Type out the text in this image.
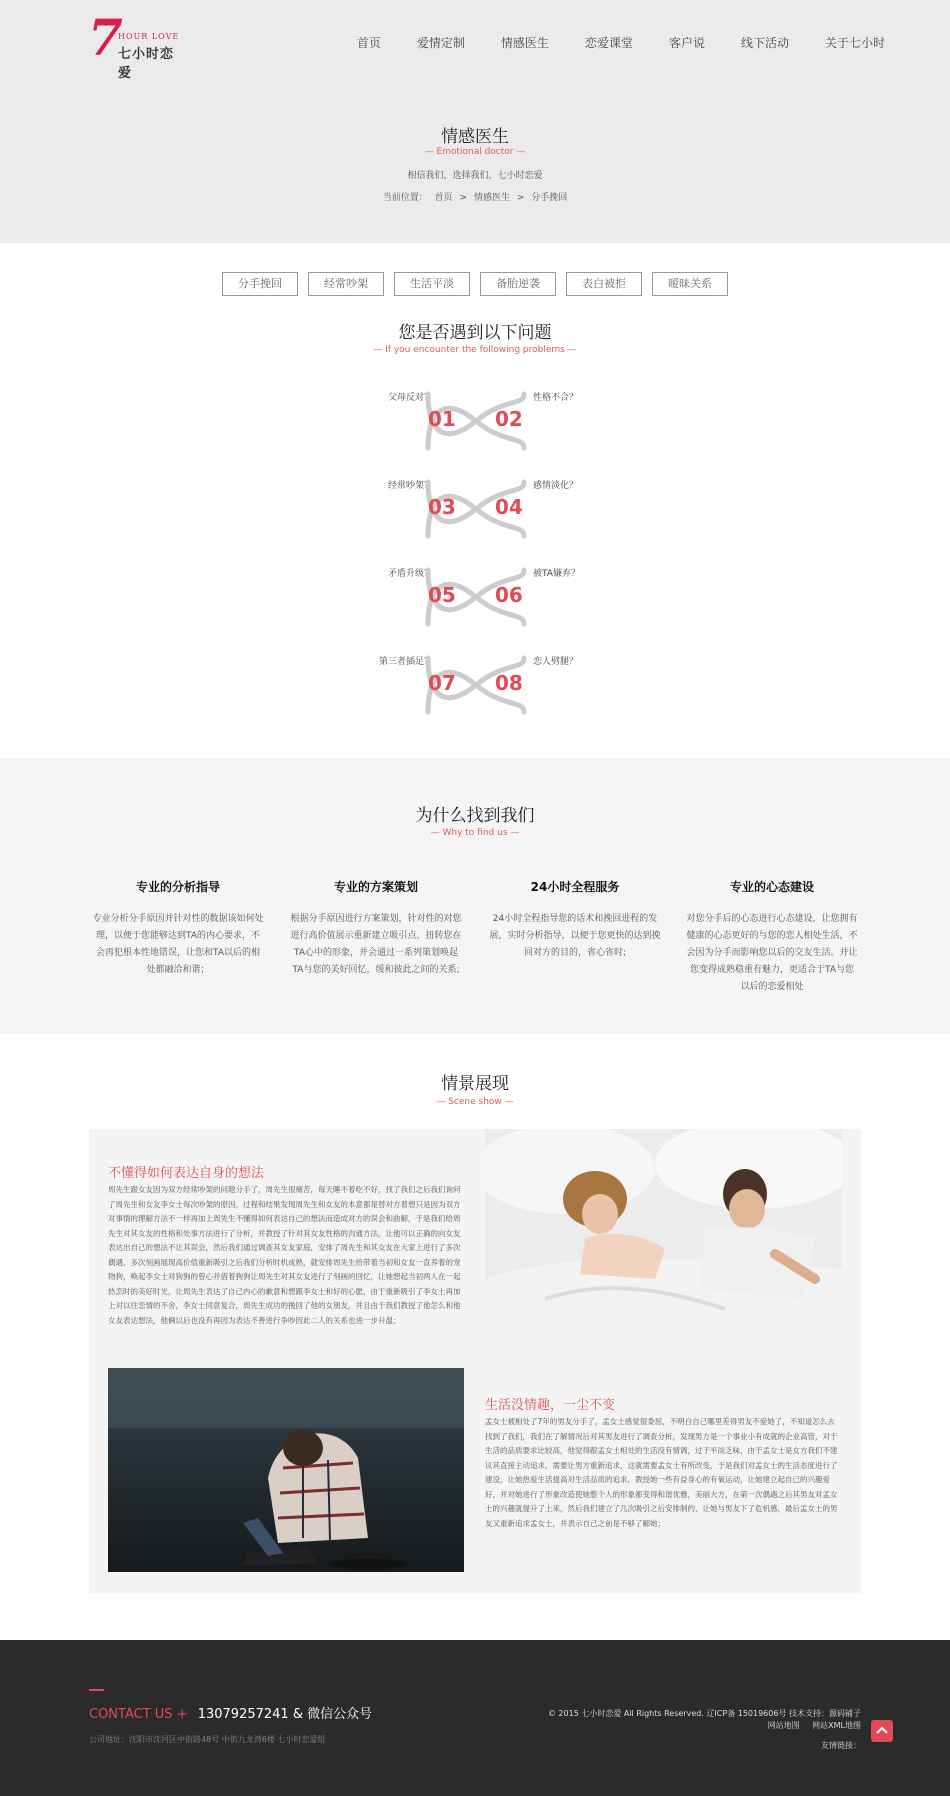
7
HOUR LOVE
七小时恋爱
首页	爱情定制	情感医生	恋爱课堂	客户说	线下活动	关于七小时
情感医生
— Emotional doctor —
相信我们，选择我们，七小时恋爱
当前位置： 首页 > 情感医生 > 分手挽回
分手挽回	经常吵架	生活平淡	备胎逆袭	表白被拒	暧昧关系
您是否遇到以下问题
— If you encounter the following problems —
父母反对？
01 02
性格不合？
经常吵架？
03 04
感情淡化？
矛盾升级？
05 06
被TA嫌弃？
第三者插足？
07 08
恋人劈腿？
为什么找到我们
— Why to find us —
专业的分析指导

专业分析分手原因并针对性的数据该如何处理，以便于您能够达到TA的内心要求，不会再犯根本性地错误，让您和TA以后的相处都融洽和谐；

专业的方案策划

根据分手原因进行方案策划，针对性的对您进行高价值展示重新建立吸引点，扭转您在TA心中的形象，并会通过一系列策划唤起TA与您的美好回忆，缓和彼此之间的关系;

24小时全程服务

24小时全程指导您的话术和挽回进程的发展，实时分析指导，以便于您更快的达到挽回对方的目的，省心省时;

专业的心态建设

对您分手后的心态进行心态建设，让您拥有健康的心态更好的与您的恋人相处生活，不会因为分手而影响您以后的交友生活。并让您变得成熟稳重有魅力，更适合于TA与您以后的恋爱相处

情景展现
— Scene show —
不懂得如何表达自身的想法
周先生跟女友因为双方经常吵架的问题分手了，周先生很痛苦，每天睡不着吃不好，找了我们之后我们询问了周先生和女友李女士每次吵架的原因，过程和结果发现周先生和女友的本意都是替对方着想只是因为双方对事情的理解方法不一样再加上周先生不懂得如何表达自己的想法而造成对方的误会和曲解，于是我们给周先生对其女友的性格和处事方法进行了分析，并教授了针对其女友性格的沟通方法，让他可以正确的向女友表达出自己的想法不让其误会，然后我们通过调查其女友家庭，安排了周先生和其女友在大家上进行了多次偶遇，多次刻画展现高价值重新吸引之后我们分析时机成熟，就安排周先生给带着当初和女友一直养着的宠物狗，唤起李女士对狗狗的曾心并借着狗狗让周先生对其女友进行了刻画的回忆，让她想起当初两人在一起热恋时的美好时光，让周先生表达了自己内心的歉意和想跟李女士和好的心愿，由于重新吸引了李女士再加上对以往恋情的不舍，李女士同意复合，周先生成功的挽回了他的女朋友，并且由于我们教授了他怎么和他女友表达想法，他俩以后也没有再因为表达不善进行争吵因此二人的关系也进一步升温；
生活没情趣，一尘不变
孟女士被相处了7年的男友分手了，孟女士感觉很委屈，不明白自己哪里差得男友不爱她了，不知道怎么去找到了我们，我们在了解情况后对其男友进行了调查分析，发现男方是一个事业小有成就的企业高管，对于生活的品质要求比较高，他觉得跟孟女士相处的生活没有情调，过于平淡乏味，由于孟女士是女方我们不建议其直接主动追求，需要让男方重新追求，这就需要孟女士有所改变，于是我们对孟女士的生活态度进行了建设，让她热爱生活提高对生活品质的追求，教授她一些有益身心的有氧运动，让她建立起自己的兴趣爱好，并对她进行了形象改造使她整个人的形象都变得和谐优雅，美丽大方，在第一次偶遇之后其男友对孟女士的兴趣就提升了上来，然后我们建立了几次吸引之后安排制约，让她与男友下了危机感，最后孟女士的男友又重新追求孟女士，并表示自己之前是不够了解她；
CONTACT US + 13079257241 & 微信公众号
公司地址：沈阳市沈河区中街路48号 中街九龙湾6楼 七小时恋爱组
© 2015 七小时恋爱 All Rights Reserved. 辽ICP备 15019606号 技术支持：源码铺子
网站地图 网站XML地图
友情链接：
